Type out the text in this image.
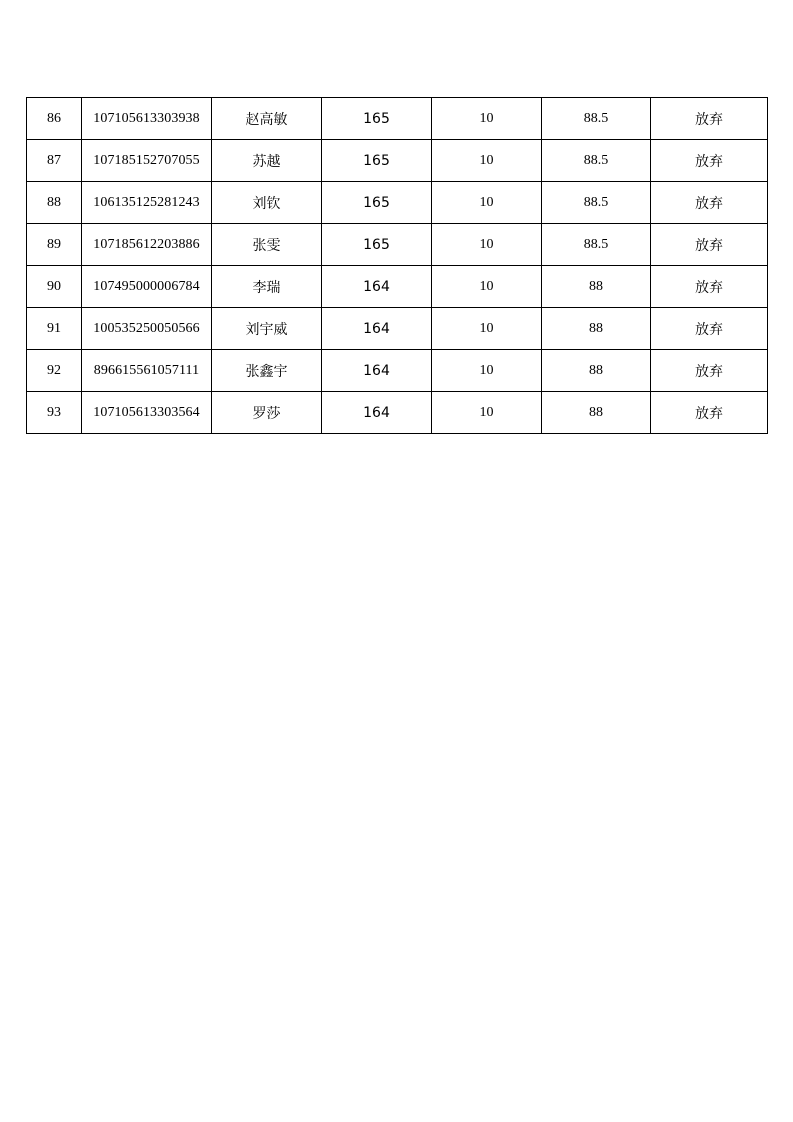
86	107105613303938	赵高敏	165	10	88.5	放弃
87	107185152707055	苏越	165	10	88.5	放弃
88	106135125281243	刘钦	165	10	88.5	放弃
89	107185612203886	张雯	165	10	88.5	放弃
90	107495000006784	李瑞	164	10	88	放弃
91	100535250050566	刘宇威	164	10	88	放弃
92	896615561057111	张鑫宇	164	10	88	放弃
93	107105613303564	罗莎	164	10	88	放弃
